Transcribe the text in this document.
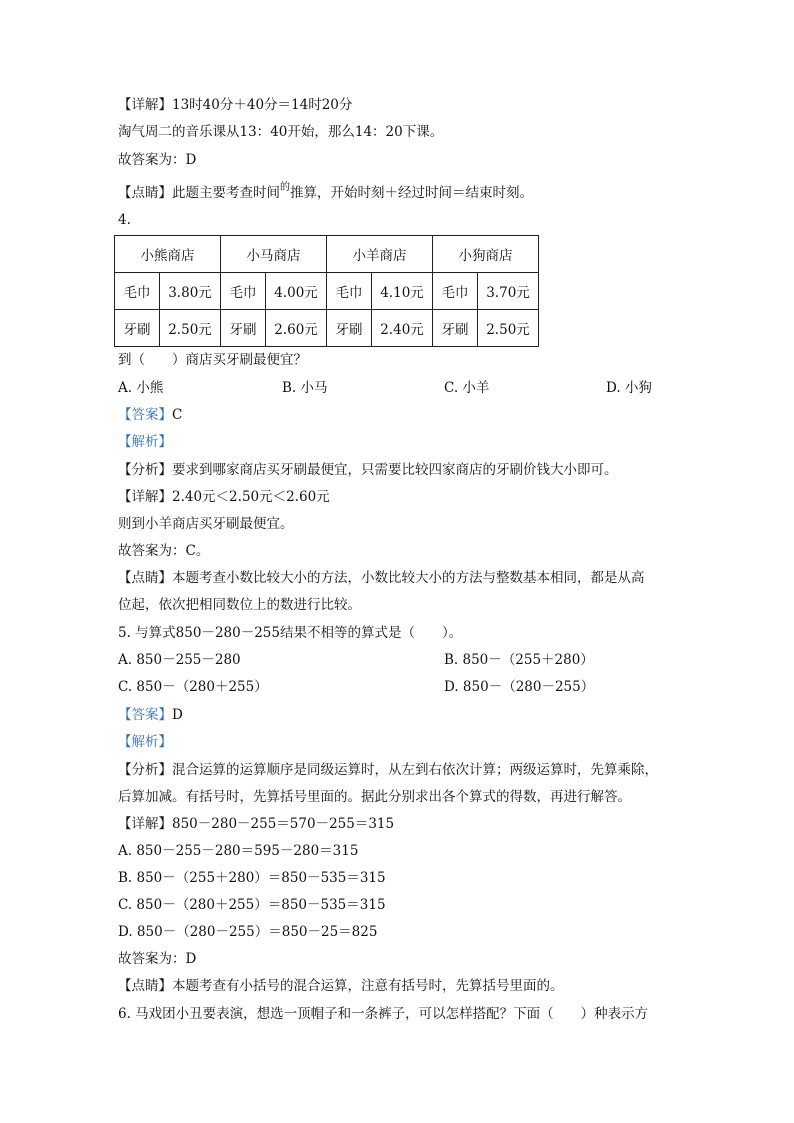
【详解】13时40分＋40分＝14时20分
淘气周二的音乐课从13：40开始，那么14：20下课。
故答案为：D
【点睛】此题主要考查时间$^的$推算，开始时刻＋经过时间＝结束时刻。
4.
小熊商店		小马商店		小羊商店		小狗商店	
毛巾	3.80元	毛巾	4.00元	毛巾	4.10元	毛巾	3.70元
牙刷	2.50元	牙刷	2.60元	牙刷	2.40元	牙刷	2.50元
到（　　）商店买牙刷最便宜？
A. 小熊	B. 小马	C. 小羊	D. 小狗
【答案】C
【解析】
【分析】要求到哪家商店买牙刷最便宜，只需要比较四家商店的牙刷价钱大小即可。
【详解】2.40元＜2.50元＜2.60元
则到小羊商店买牙刷最便宜。
故答案为：C。
【点睛】本题考查小数比较大小的方法，小数比较大小的方法与整数基本相同，都是从高
位起，依次把相同数位上的数进行比较。
5. 与算式850－280－255结果不相等的算式是（　　）。
A. 850－255－280	B. 850－（255＋280）
C. 850－（280＋255）	D. 850－（280－255）
【答案】D
【解析】
【分析】混合运算的运算顺序是同级运算时，从左到右依次计算；两级运算时，先算乘除，
后算加减。有括号时，先算括号里面的。据此分别求出各个算式的得数，再进行解答。
【详解】850－280－255＝570－255＝315
A. 850－255－280＝595－280＝315
B. 850－（255＋280）＝850－535＝315
C. 850－（280＋255）＝850－535＝315
D. 850－（280－255）＝850－25＝825
故答案为：D
【点睛】本题考查有小括号的混合运算，注意有括号时，先算括号里面的。
6. 马戏团小丑要表演，想选一顶帽子和一条裤子，可以怎样搭配？下面（　　）种表示方
